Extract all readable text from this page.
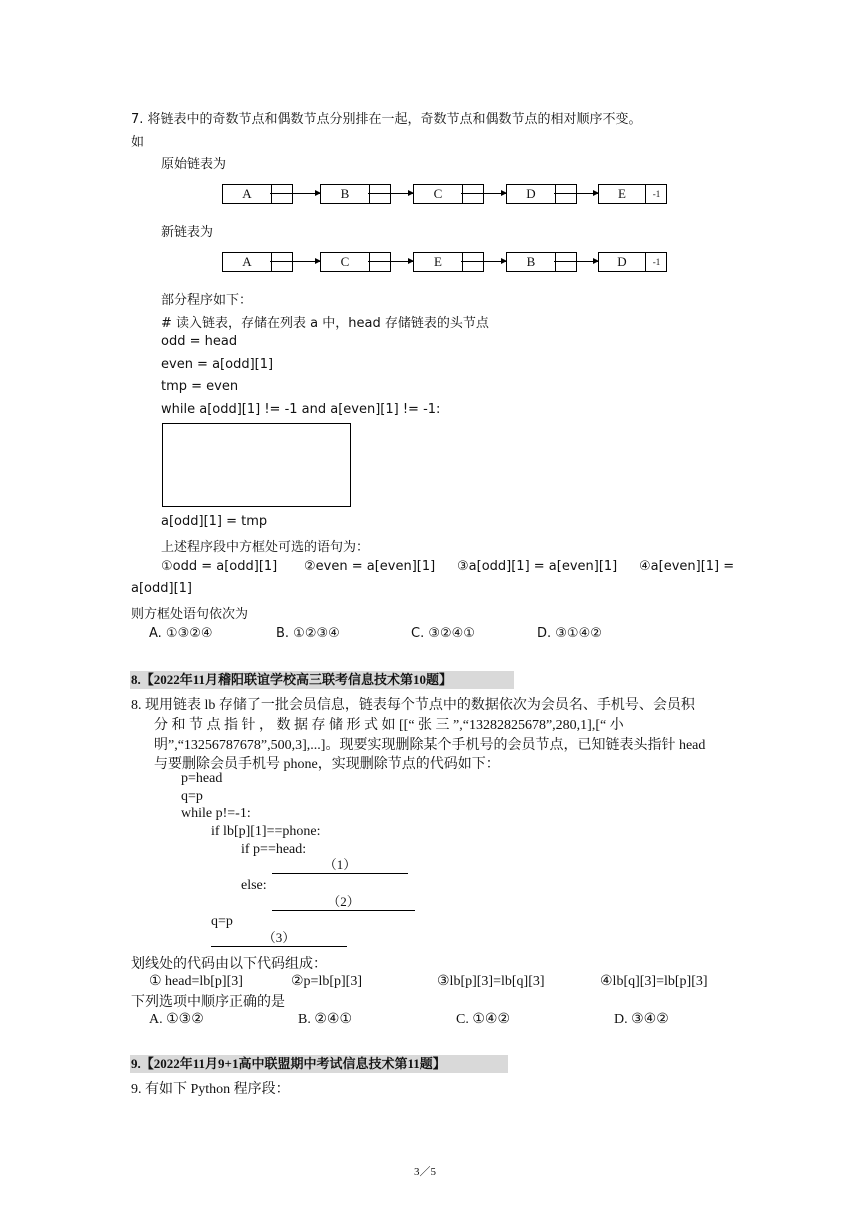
7. 将链表中的奇数节点和偶数节点分别排在一起，奇数节点和偶数节点的相对顺序不变。
如
原始链表为
A	B	C	D	E	-1
新链表为
A	C	E	B	D	-1
部分程序如下：
# 读入链表，存储在列表 a 中，head 存储链表的头节点
odd = head
even = a[odd][1]
tmp = even
while a[odd][1] != -1 and a[even][1] != -1:
a[odd][1] = tmp
上述程序段中方框处可选的语句为：
①odd = a[odd][1] ②even = a[even][1] ③a[odd][1] = a[even][1] ④a[even][1] =
a[odd][1]
则方框处语句依次为
A. ①③②④	B. ①②③④	C. ③②④①	D. ③①④②
8.【2022年11月稽阳联谊学校高三联考信息技术第10题】
8. 现用链表 lb 存储了一批会员信息，链表每个节点中的数据依次为会员名、手机号、会员积
分 和 节 点 指 针 ， 数 据 存 储 形 式 如 [[“ 张 三 ”,“13282825678”,280,1],[“ 小
明”,“13256787678”,500,3],...]。现要实现删除某个手机号的会员节点，已知链表头指针 head
与要删除会员手机号 phone，实现删除节点的代码如下：
p=head
q=p
while p!=-1:
if lb[p][1]==phone:
if p==head:
（1）
else:
（2）
q=p
（3）
划线处的代码由以下代码组成：
① head=lb[p][3]	②p=lb[p][3]	③lb[p][3]=lb[q][3]	④lb[q][3]=lb[p][3]
下列选项中顺序正确的是
A. ①③②	B. ②④①	C. ①④②	D. ③④②
9.【2022年11月9+1高中联盟期中考试信息技术第11题】
9. 有如下 Python 程序段：
3／5
